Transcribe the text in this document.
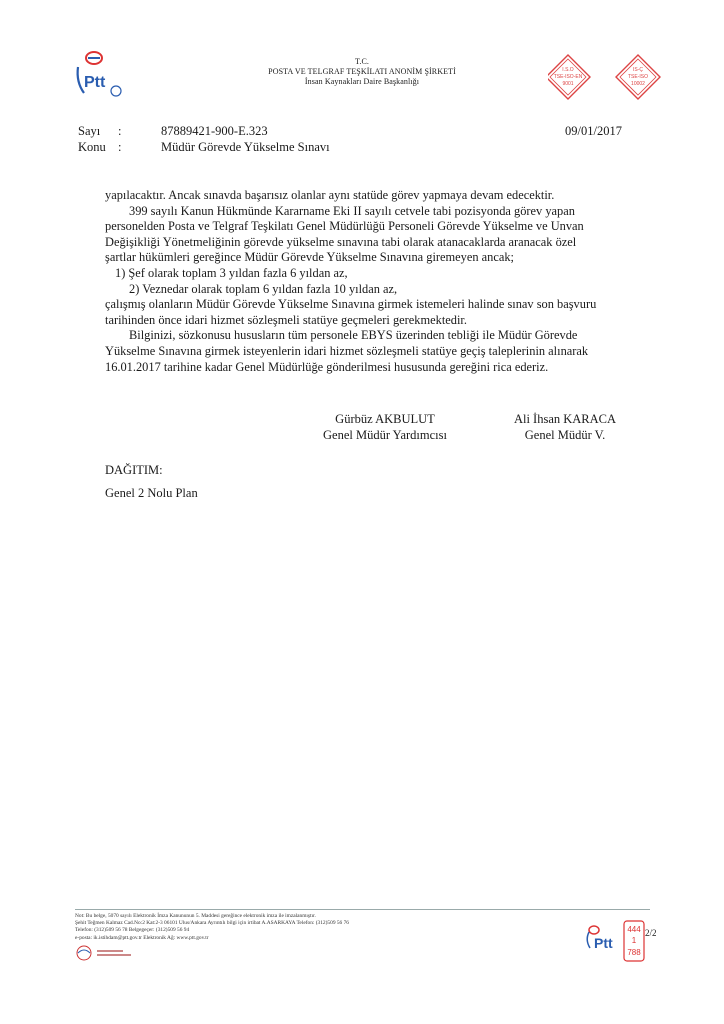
Ptt
T.C.
POSTA VE TELGRAF TEŞKİLATI ANONİM ŞİRKETİ
İnsan Kaynakları Daire Başkanlığı
I.S.O
TSE-ISO-EN
9001
IS-Ç
TSE-ISO
10002
Sayı :	87889421-900-E.323
Konu :	Müdür Görevde Yükselme Sınavı
09/01/2017

yapılacaktır. Ancak sınavda başarısız olanlar aynı statüde görev yapmaya devam edecektir.

399 sayılı Kanun Hükmünde Kararname Eki II sayılı cetvele tabi pozisyonda görev yapan

personelden Posta ve Telgraf Teşkilatı Genel Müdürlüğü Personeli Görevde Yükselme ve Unvan

Değişikliği Yönetmeliğinin görevde yükselme sınavına tabi olarak atanacaklarda aranacak özel

şartlar hükümleri gereğince Müdür Görevde Yükselme Sınavına giremeyen ancak;

1) Şef olarak toplam 3 yıldan fazla 6 yıldan az,

2) Veznedar olarak toplam 6 yıldan fazla 10 yıldan az,

çalışmış olanların Müdür Görevde Yükselme Sınavına girmek istemeleri halinde sınav son başvuru

tarihinden önce idari hizmet sözleşmeli statüye geçmeleri gerekmektedir.

Bilginizi, sözkonusu hususların tüm personele EBYS üzerinden tebliği ile Müdür Görevde

Yükselme Sınavına girmek isteyenlerin idari hizmet sözleşmeli statüye geçiş taleplerinin alınarak

16.01.2017 tarihine kadar Genel Müdürlüğe gönderilmesi hususunda gereğini rica ederiz.

Gürbüz AKBULUT
Genel Müdür Yardımcısı
Ali İhsan KARACA
Genel Müdür V.
DAĞITIM:
Genel 2 Nolu Plan
Not: Bu belge, 5070 sayılı Elektronik İmza Kanununun 5. Maddesi gereğince elektronik imza ile imzalanmıştır.
Şehit Teğmen Kalmaz Cad.No:2 Kat:2-3 06101 Ulus/Ankara Ayrıntılı bilgi için irtibat A.ASARKAYA Telefon: (312)509 56 76
Telefon: (312)509 56 78 Belgegeçer: (312)509 56 94
e-posta: ik.istihdam@ptt.gov.tr Elektronik Ağ: www.ptt.gov.tr	Ptt
444
1
788
2/2
